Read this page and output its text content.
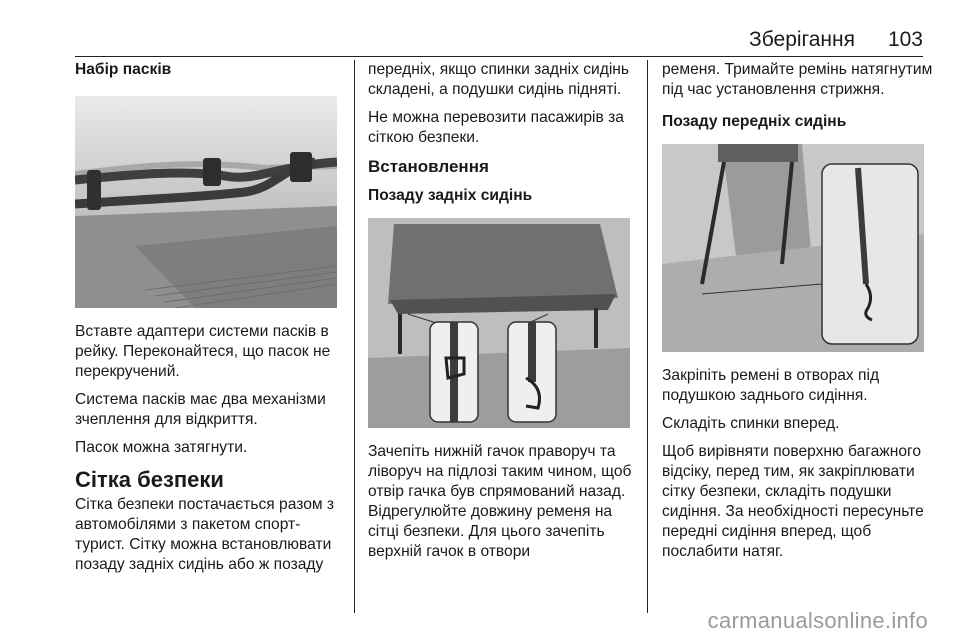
Зберігання 103
Набір пасків

Вставте адаптери системи пасків в рейку. Переконайтеся, що пасок не перекручений.

Система пасків має два механізми зчеплення для відкриття.

Пасок можна затягнути.

Сітка безпеки

Сітка безпеки постачається разом з автомобілями з пакетом спорт-турист. Сітку можна встановлювати позаду задніх сидінь або ж позаду

передніх, якщо спинки задніх сидінь складені, а подушки сидінь підняті.

Не можна перевозити пасажирів за сіткою безпеки.

Встановлення
Позаду задніх сидінь

Зачепіть нижній гачок праворуч та ліворуч на підлозі таким чином, щоб отвір гачка був спрямований назад. Відрегулюйте довжину ременя на сітці безпеки. Для цього зачепіть верхній гачок в отвори

ременя. Тримайте ремінь натягнутим під час установлення стрижня.

Позаду передніх сидінь

Закріпіть ремені в отворах під подушкою заднього сидіння.

Складіть спинки вперед.

Щоб вирівняти поверхню багажного відсіку, перед тим, як закріплювати сітку безпеки, складіть подушки сидіння. За необхідності пересуньте передні сидіння вперед, щоб послабити натяг.

carmanualsonline.info
